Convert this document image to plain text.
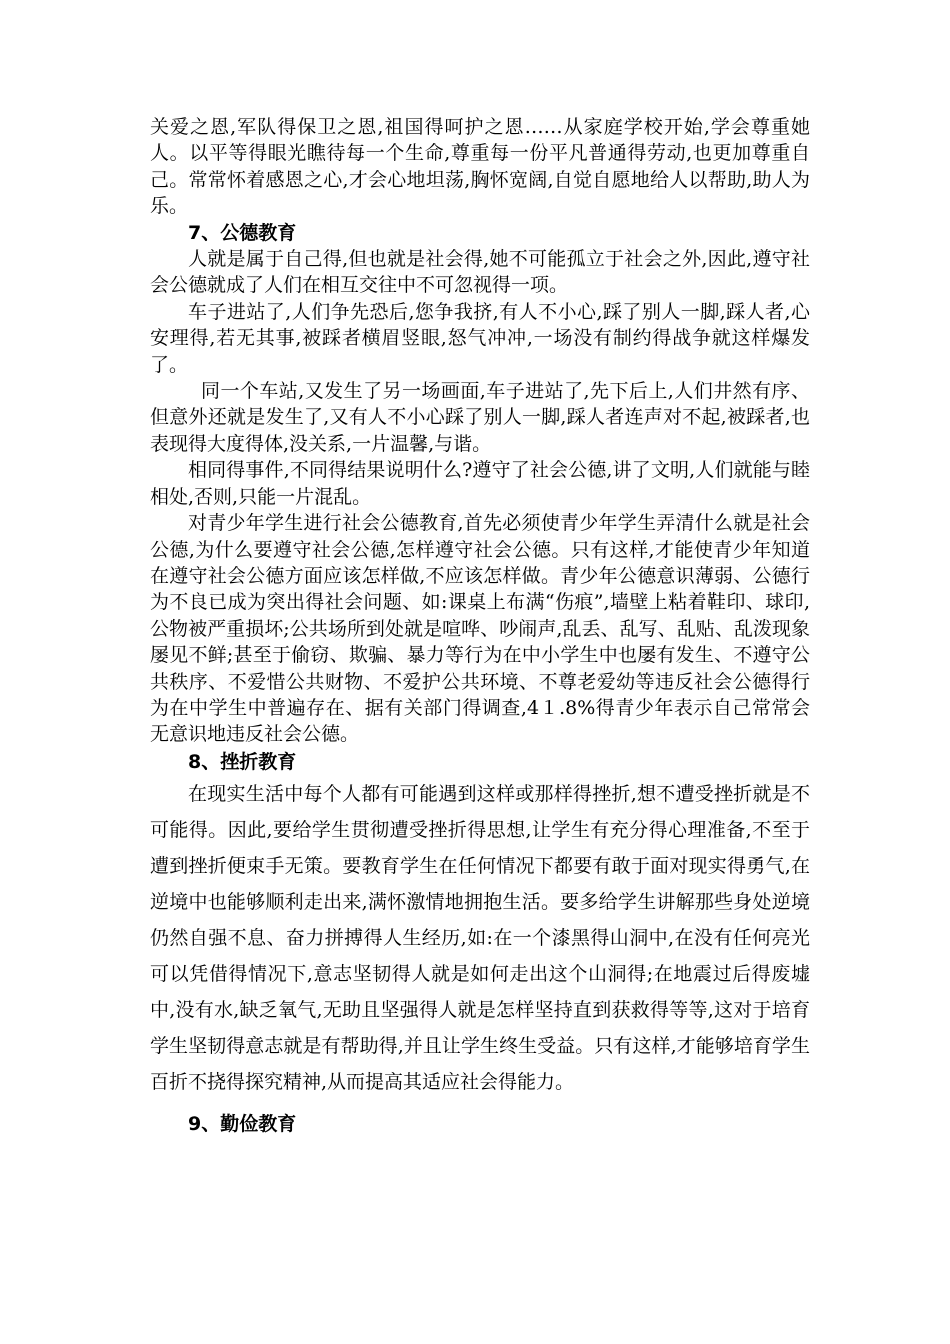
关爱之恩,军队得保卫之恩,祖国得呵护之恩……从家庭学校开始,学会尊重她人。以平等得眼光瞧待每一个生命,尊重每一份平凡普通得劳动,也更加尊重自己。常常怀着感恩之心,才会心地坦荡,胸怀宽阔,自觉自愿地给人以帮助,助人为乐。

7、公德教育

人就是属于自己得,但也就是社会得,她不可能孤立于社会之外,因此,遵守社会公德就成了人们在相互交往中不可忽视得一项。

车子进站了,人们争先恐后,您争我挤,有人不小心,踩了别人一脚,踩人者,心安理得,若无其事,被踩者横眉竖眼,怒气冲冲,一场没有制约得战争就这样爆发了。

同一个车站,又发生了另一场画面,车子进站了,先下后上,人们井然有序、但意外还就是发生了,又有人不小心踩了别人一脚,踩人者连声对不起,被踩者,也表现得大度得体,没关系,一片温馨,与谐。

相同得事件,不同得结果说明什么?遵守了社会公德,讲了文明,人们就能与睦相处,否则,只能一片混乱。

对青少年学生进行社会公德教育,首先必须使青少年学生弄清什么就是社会公德,为什么要遵守社会公德,怎样遵守社会公德。只有这样,才能使青少年知道在遵守社会公德方面应该怎样做,不应该怎样做。青少年公德意识薄弱、公德行为不良已成为突出得社会问题、如:课桌上布满“伤痕”,墙壁上粘着鞋印、球印,公物被严重损坏;公共场所到处就是喧哗、吵闹声,乱丢、乱写、乱贴、乱泼现象屡见不鲜;甚至于偷窃、欺骗、暴力等行为在中小学生中也屡有发生、不遵守公共秩序、不爱惜公共财物、不爱护公共环境、不尊老爱幼等违反社会公德得行为在中学生中普遍存在、据有关部门得调查,4１.8%得青少年表示自己常常会无意识地违反社会公德。

8、挫折教育

在现实生活中每个人都有可能遇到这样或那样得挫折,想不遭受挫折就是不可能得。因此,要给学生贯彻遭受挫折得思想,让学生有充分得心理准备,不至于遭到挫折便束手无策。要教育学生在任何情况下都要有敢于面对现实得勇气,在逆境中也能够顺利走出来,满怀激情地拥抱生活。要多给学生讲解那些身处逆境仍然自强不息、奋力拼搏得人生经历,如:在一个漆黑得山洞中,在没有任何亮光可以凭借得情况下,意志坚韧得人就是如何走出这个山洞得;在地震过后得废墟中,没有水,缺乏氧气,无助且坚强得人就是怎样坚持直到获救得等等,这对于培育学生坚韧得意志就是有帮助得,并且让学生终生受益。只有这样,才能够培育学生百折不挠得探究精神,从而提高其适应社会得能力。

9、勤俭教育
